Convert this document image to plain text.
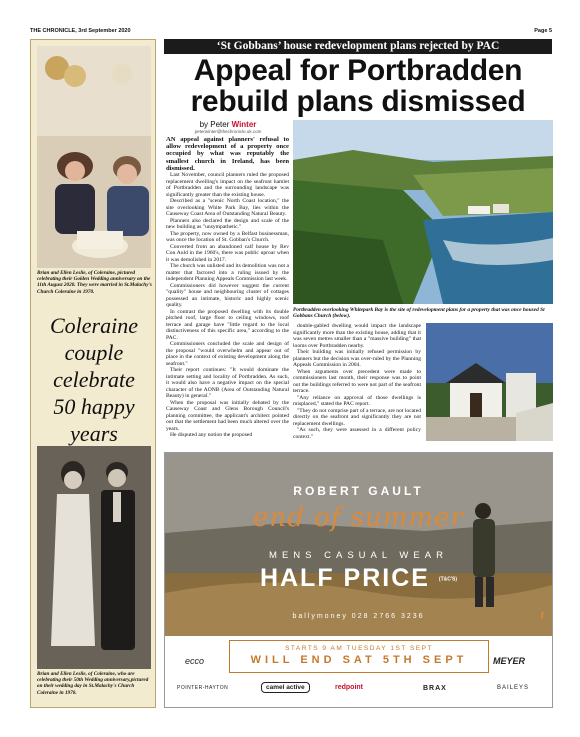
THE CHRONICLE, 3rd September 2020	Page 5
Brian and Ellen Leslie, of Coleraine, pictured celebrating their Golden Wedding anniversary on the 11th August 2020. They were married in St.Malachy's Church Coleraine in 1970.
Coleraine
couple
celebrate
50 happy
years
Brian and Ellen Leslie, of Coleraine, who are celebrating their 50th Wedding anniversary,pictured on their wedding day in St.Malachy's Church Coleraine in 1970.
‘St Gobbans’ house redevelopment plans rejected by PAC
Appeal for Portbradden
rebuild plans dismissed
by Peter Winter
peterwinter@thechronicle.uk.com

AN appeal against planners' refusal to allow redevelopment of a property once occupied by what was reputably the smallest church in Ireland, has been dismissed.

Last November, council planners ruled the proposed replacement dwelling's impact on the seafront hamlet of Portbradden and the surrounding landscape was significantly greater than the existing house.

Described as a "scenic North Coast location," the site overlooking White Park Bay, lies within the Causeway Coast Area of Outstanding Natural Beauty.

Planners also declared the design and scale of the new building as "unsympathetic."

The property, now owned by a Belfast businessman, was once the location of St. Gobban's Church.

Converted from an abandoned calf house by Rev Con Auld in the 1960's, there was public uproar when it was demolished in 2017.

The church was unlisted and its demolition was not a matter that factored into a ruling issued by the independent Planning Appeals Commission last week.

Commissioners did however suggest the current "quality" house and neighbouring cluster of cottages possessed an intimate, historic and highly scenic quality.

In contrast the proposed dwelling with its double pitched roof, large floor to ceiling windows, roof terrace and garage have "little regard to the local distinctiveness of this specific area," according to the PAC.

Commissioners concluded the scale and design of the proposal "would overwhelm and appear out of place in the context of existing development along the seafront."

Their report continues: "It would dominate the intimate setting and locality of Portbradden. As such, it would also have a negative impact on the special character of the AONB (Area of Outstanding Natural Beauty) in general."

When the proposal was initially debated by the Causeway Coast and Glens Borough Council's planning committee, the applicant's architect pointed out that the settlement had been much altered over the years.

He disputed any notion the proposed

Portbradden overlooking Whitepark Bay is the site of redevelopment plans for a property that was once housed St Gobbans Church (below).

double-gabled dwelling would impact the landscape significantly more than the existing house, adding that it was seven metres smaller than a "massive building" that looms over Portbradden nearby.

Their building was initially refused permission by planners but the decision was over-ruled by the Planning Appeals Commission in 2004.

When arguments over precedent were made to commissioners last month, their response was to point out the buildings referred to were not part of the seafront terrace.

"Any reliance on approval of those dwellings is misplaced," stated the PAC report.

"They do not comprise part of a terrace, are not located directly on the seafront and significantly they are not replacement dwellings.

"As such, they were assessed in a different policy context."

ROBERT GAULT
end of summer
MENS CASUAL WEAR
HALF PRICE (T&C'S)
ballymoney 028 2766 3236	f
STARTS 9 AM TUESDAY 1ST SEPT
WILL END SAT 5TH SEPT
ecco	MEYER
POINTER-HAYTON	camel active	redpoint	BRAX	BAILEYS
